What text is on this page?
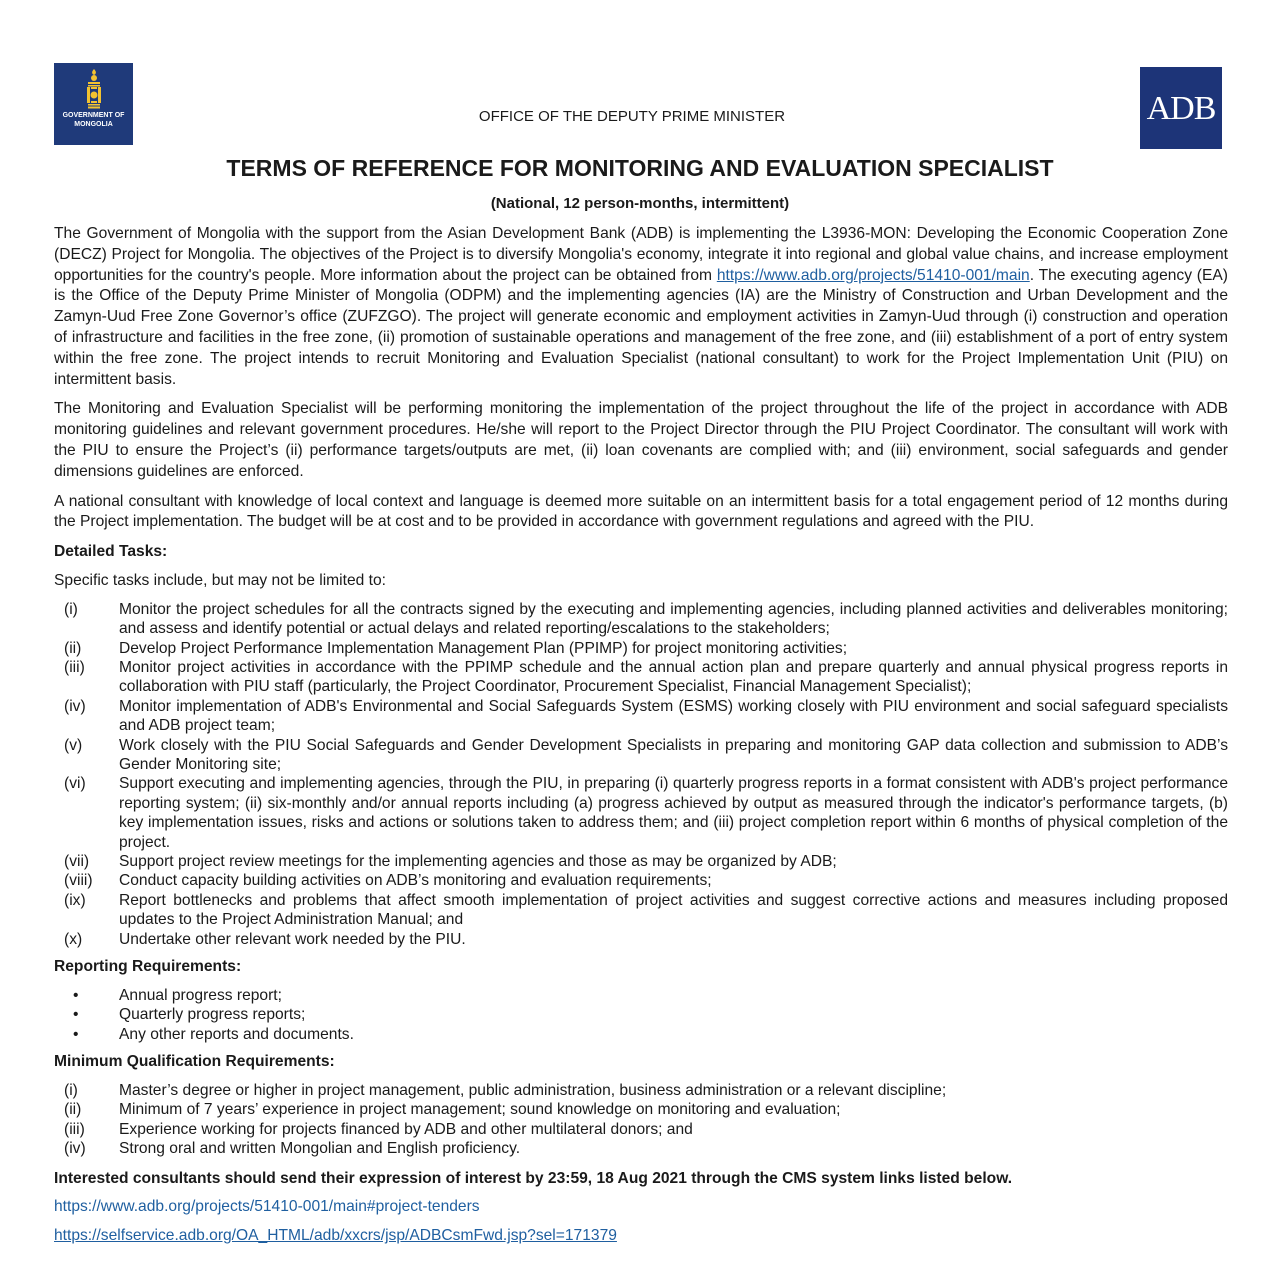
GOVERNMENT OF
MONGOLIA	OFFICE OF THE DEPUTY PRIME MINISTER	ADB
TERMS OF REFERENCE FOR MONITORING AND EVALUATION SPECIALIST
(National, 12 person-months, intermittent)

The Government of Mongolia with the support from the Asian Development Bank (ADB) is implementing the L3936-MON: Developing the Economic Cooperation Zone (DECZ) Project for Mongolia. The objectives of the Project is to diversify Mongolia's economy, integrate it into regional and global value chains, and increase employment opportunities for the country's people. More information about the project can be obtained from https://www.adb.org/projects/51410-001/main. The executing agency (EA) is the Office of the Deputy Prime Minister of Mongolia (ODPM) and the implementing agencies (IA) are the Ministry of Construction and Urban Development and the Zamyn-Uud Free Zone Governor’s office (ZUFZGO). The project will generate economic and employment activities in Zamyn-Uud through (i) construction and operation of infrastructure and facilities in the free zone, (ii) promotion of sustainable operations and management of the free zone, and (iii) establishment of a port of entry system within the free zone. The project intends to recruit Monitoring and Evaluation Specialist (national consultant) to work for the Project Implementation Unit (PIU) on intermittent basis.

The Monitoring and Evaluation Specialist will be performing monitoring the implementation of the project throughout the life of the project in accordance with ADB monitoring guidelines and relevant government procedures. He/she will report to the Project Director through the PIU Project Coordinator. The consultant will work with the PIU to ensure the Project’s (ii) performance targets/outputs are met, (ii) loan covenants are complied with; and (iii) environment, social safeguards and gender dimensions guidelines are enforced.

A national consultant with knowledge of local context and language is deemed more suitable on an intermittent basis for a total engagement period of 12 months during the Project implementation. The budget will be at cost and to be provided in accordance with government regulations and agreed with the PIU.

Detailed Tasks:
Specific tasks include, but may not be limited to:
(i)	Monitor the project schedules for all the contracts signed by the executing and implementing agencies, including planned activities and deliverables monitoring; and assess and identify potential or actual delays and related reporting/escalations to the stakeholders;
(ii)	Develop Project Performance Implementation Management Plan (PPIMP) for project monitoring activities;
(iii)	Monitor project activities in accordance with the PPIMP schedule and the annual action plan and prepare quarterly and annual physical progress reports in collaboration with PIU staff (particularly, the Project Coordinator, Procurement Specialist, Financial Management Specialist);
(iv)	Monitor implementation of ADB's Environmental and Social Safeguards System (ESMS) working closely with PIU environment and social safeguard specialists and ADB project team;
(v)	Work closely with the PIU Social Safeguards and Gender Development Specialists in preparing and monitoring GAP data collection and submission to ADB’s Gender Monitoring site;
(vi)	Support executing and implementing agencies, through the PIU, in preparing (i) quarterly progress reports in a format consistent with ADB's project performance reporting system; (ii) six-monthly and/or annual reports including (a) progress achieved by output as measured through the indicator's performance targets, (b) key implementation issues, risks and actions or solutions taken to address them; and (iii) project completion report within 6 months of physical completion of the project.
(vii)	Support project review meetings for the implementing agencies and those as may be organized by ADB;
(viii)	Conduct capacity building activities on ADB’s monitoring and evaluation requirements;
(ix)	Report bottlenecks and problems that affect smooth implementation of project activities and suggest corrective actions and measures including proposed updates to the Project Administration Manual; and
(x)	Undertake other relevant work needed by the PIU.
Reporting Requirements:
•	Annual progress report;
•	Quarterly progress reports;
•	Any other reports and documents.
Minimum Qualification Requirements:
(i)	Master’s degree or higher in project management, public administration, business administration or a relevant discipline;
(ii)	Minimum of 7 years’ experience in project management; sound knowledge on monitoring and evaluation;
(iii)	Experience working for projects financed by ADB and other multilateral donors; and
(iv)	Strong oral and written Mongolian and English proficiency.
Interested consultants should send their expression of interest by 23:59, 18 Aug 2021 through the CMS system links listed below.
https://www.adb.org/projects/51410-001/main#project-tenders
https://selfservice.adb.org/OA_HTML/adb/xxcrs/jsp/ADBCsmFwd.jsp?sel=171379
